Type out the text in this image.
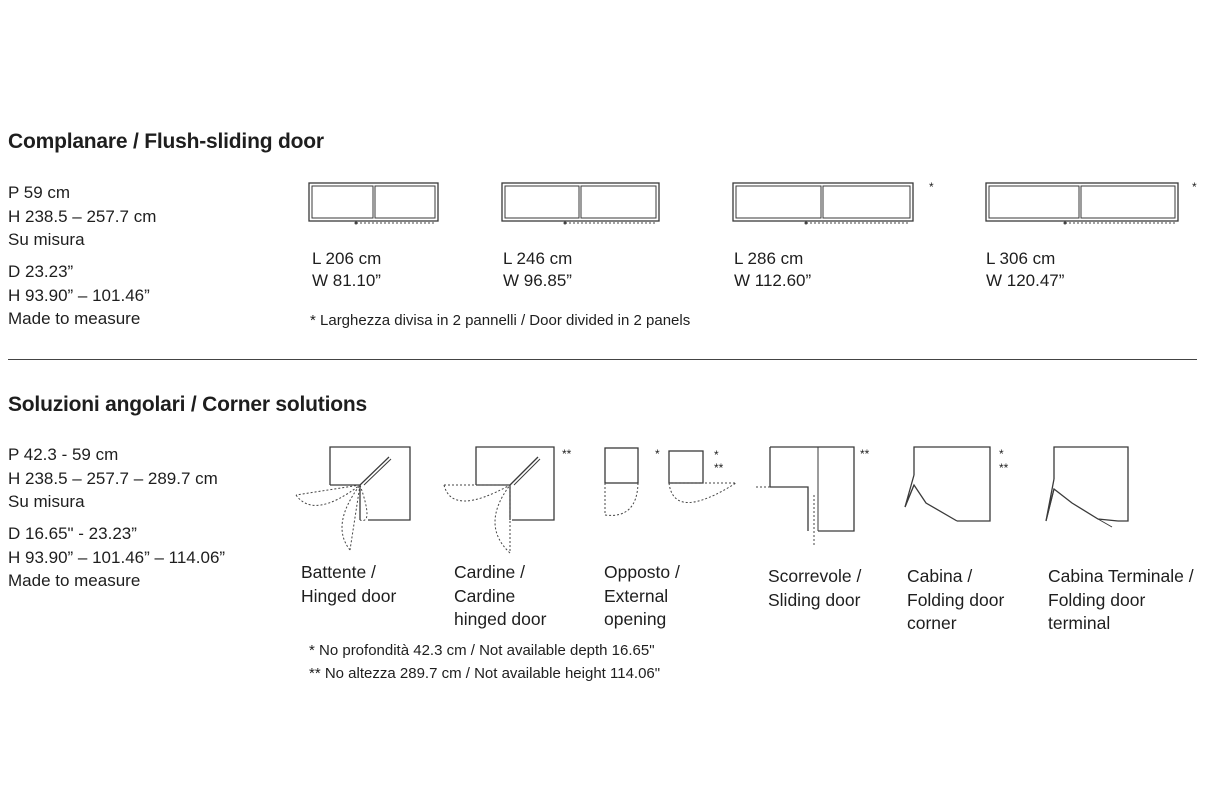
Complanare / Flush-sliding door
P 59 cm
H 238.5 – 257.7 cm
Su misura
D 23.23”
H 93.90” – 101.46”
Made to measure
L 206 cm
W 81.10”
L 246 cm
W 96.85”
*
L 286 cm
W 112.60”
*
L 306 cm
W 120.47”
* Larghezza divisa in 2 pannelli / Door divided in 2 panels
Soluzioni angolari / Corner solutions
P 42.3 - 59 cm
H 238.5 – 257.7 – 289.7 cm
Su misura
D 16.65" - 23.23”
H 93.90” – 101.46” – 114.06”
Made to measure	Battente /
Hinged door
**
Cardine /
Cardine
hinged door
*	*
**
Opposto /
External
opening
**
Scorrevole /
Sliding door
*
**
Cabina /
Folding door
corner
Cabina Terminale /
Folding door
terminal
* No profondità 42.3 cm / Not available depth 16.65"
** No altezza 289.7 cm / Not available height 114.06"
